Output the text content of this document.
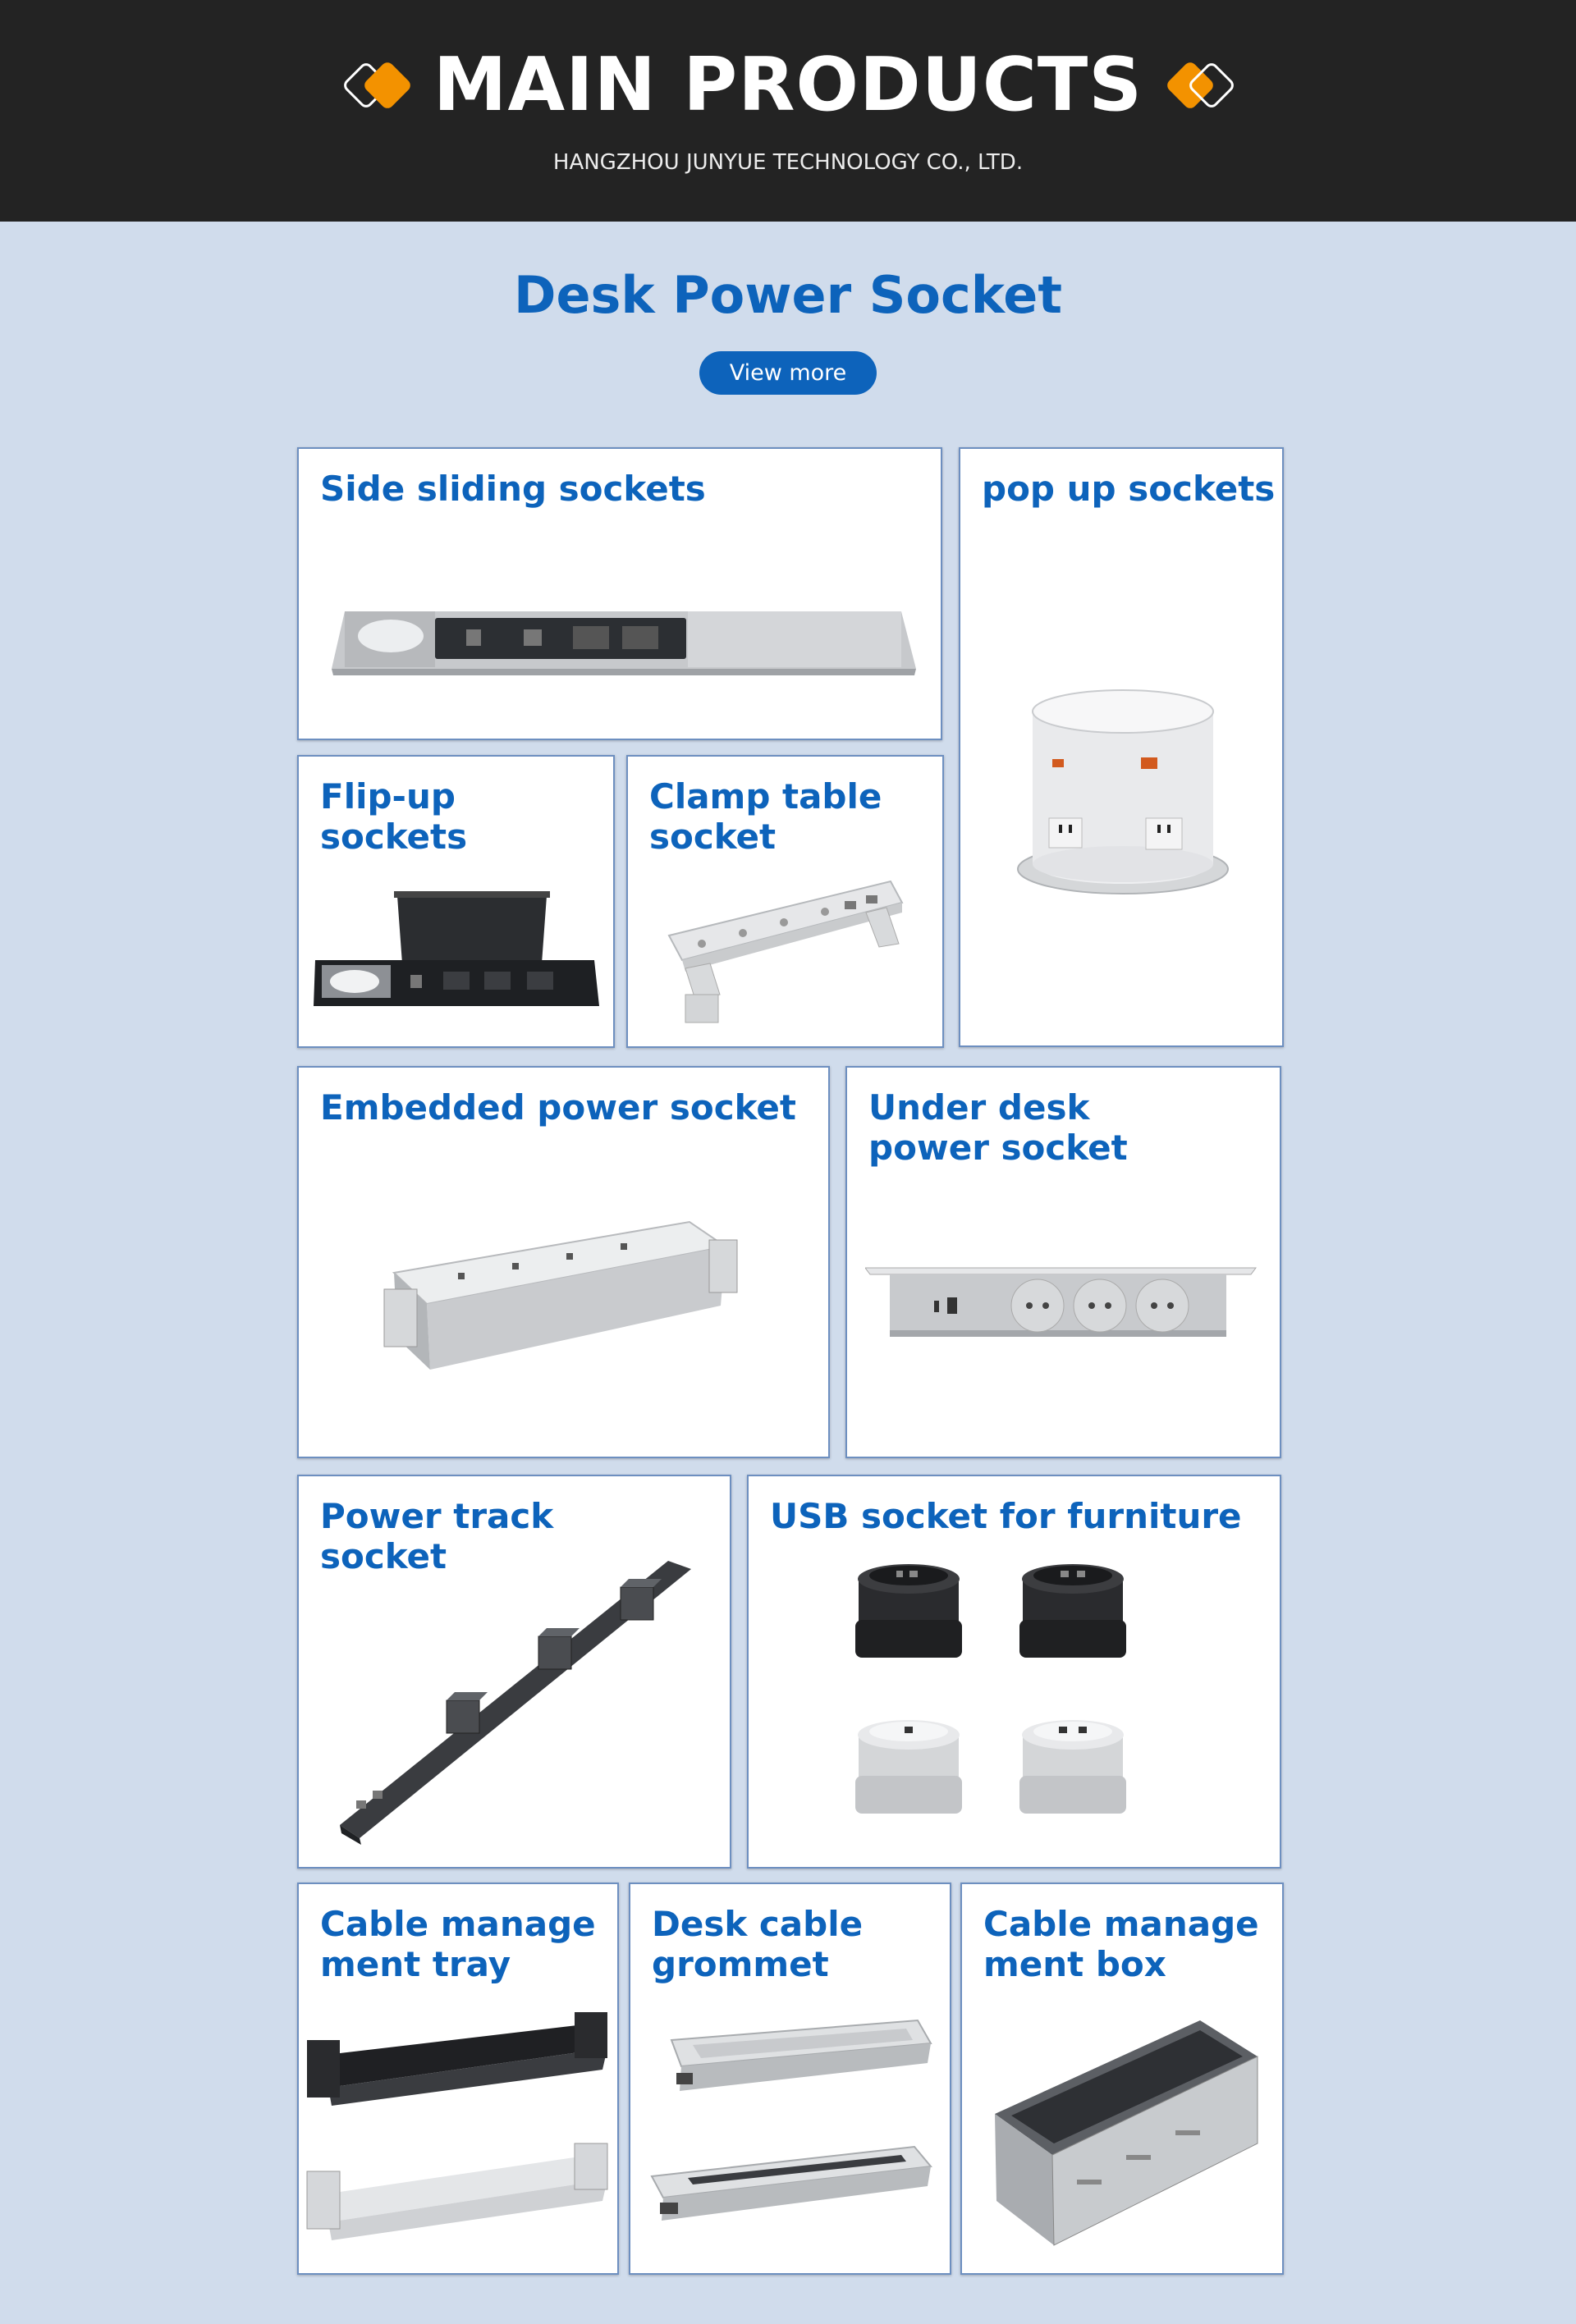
MAIN PRODUCTS
HANGZHOU JUNYUE TECHNOLOGY CO., LTD.
Desk Power Socket
View more
Side sliding sockets	pop up sockets
Flip-up
sockets
Clamp table
socket
Embedded power socket Under desk
power socket
Power track
socket
USB socket for furniture
Cable manage
ment tray
Desk cable
grommet
Cable manage
ment box
